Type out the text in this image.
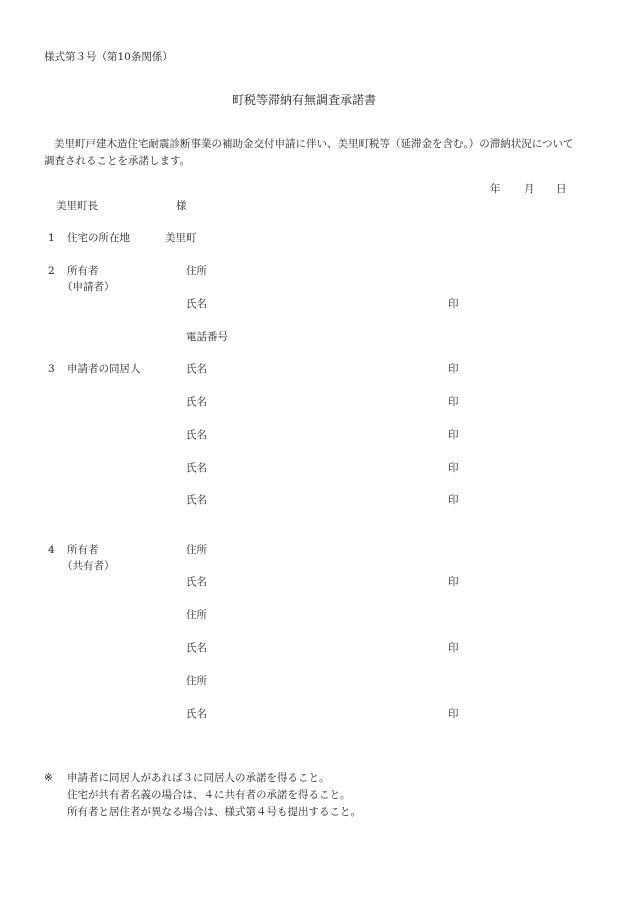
様式第３号（第10条関係）
町税等滞納有無調査承諾書
美里町戸建木造住宅耐震診断事業の補助金交付申請に伴い、美里町税等（延滞金を含む。）の滞納状況について調査されることを承諾します。
年 月 日
美里町長	様
1 住宅の所在地	美里町
2 所有者
（申請者）
住所
氏名	印
電話番号
3 申請者の同居人	氏名	印
氏名	印
氏名	印
氏名	印
氏名	印
4 所有者
（共有者）
住所
氏名	印
住所
氏名	印
住所
氏名	印
※ 申請者に同居人があれば３に同居人の承諾を得ること。
住宅が共有者名義の場合は、４に共有者の承諾を得ること。
所有者と居住者が異なる場合は、様式第４号も提出すること。
